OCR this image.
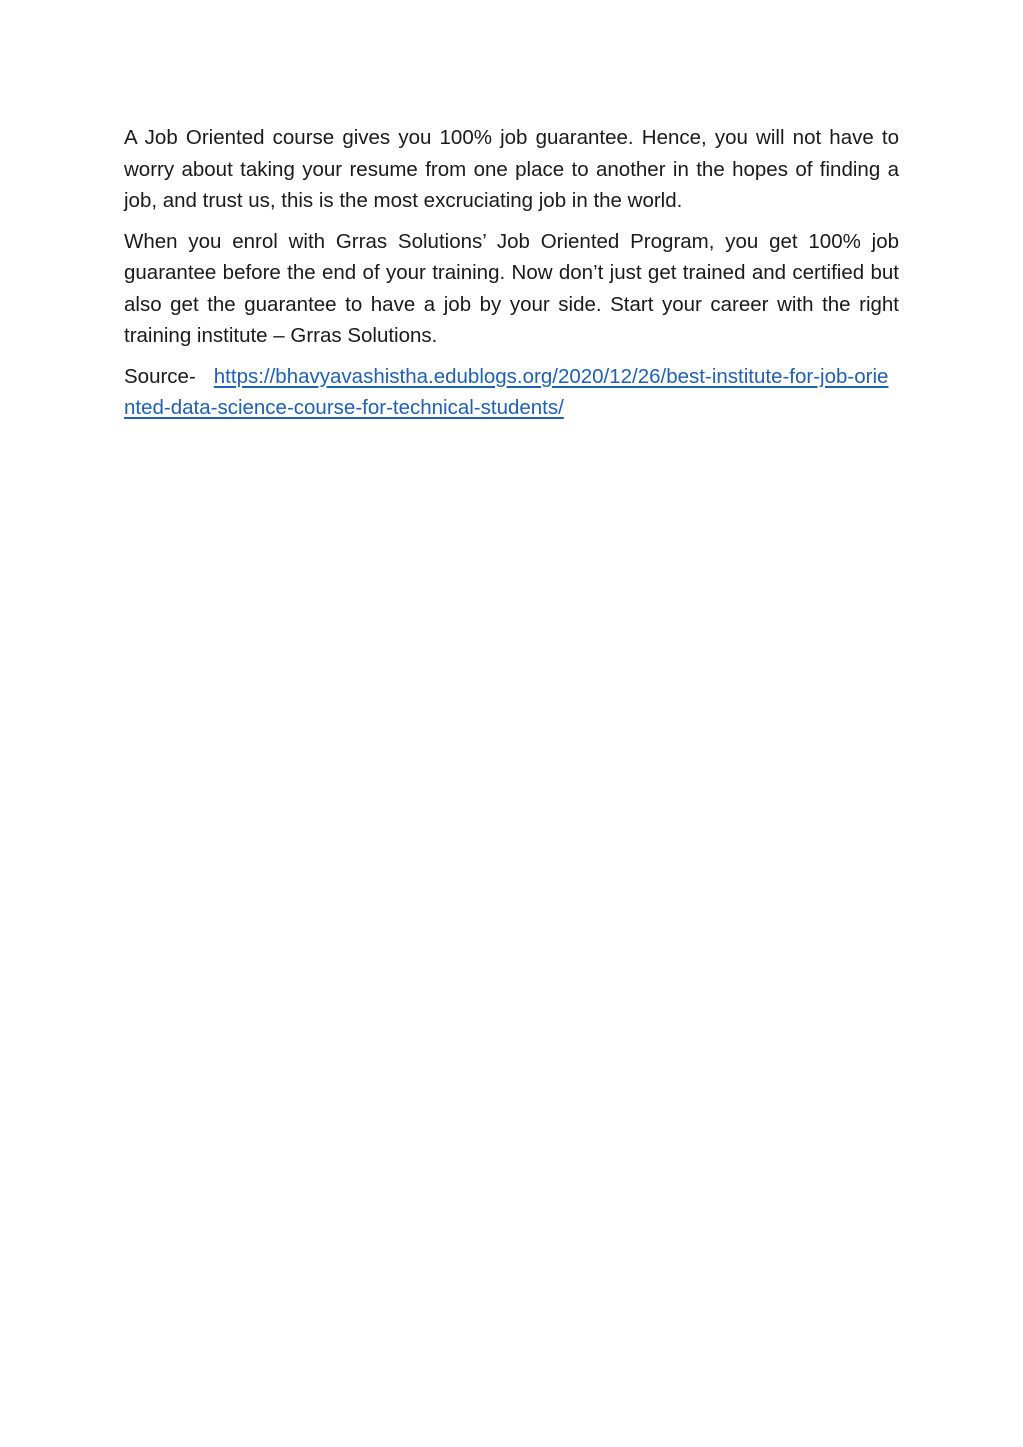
A Job Oriented course gives you 100% job guarantee. Hence, you will not have to worry about taking your resume from one place to another in the hopes of finding a job, and trust us, this is the most excruciating job in the world.

When you enrol with Grras Solutions’ Job Oriented Program, you get 100% job guarantee before the end of your training. Now don’t just get trained and certified but also get the guarantee to have a job by your side. Start your career with the right training institute – Grras Solutions.

Source- https://bhavyavashistha.edublogs.org/2020/12/26/best-institute-for-job-oriented-data-science-course-for-technical-students/
